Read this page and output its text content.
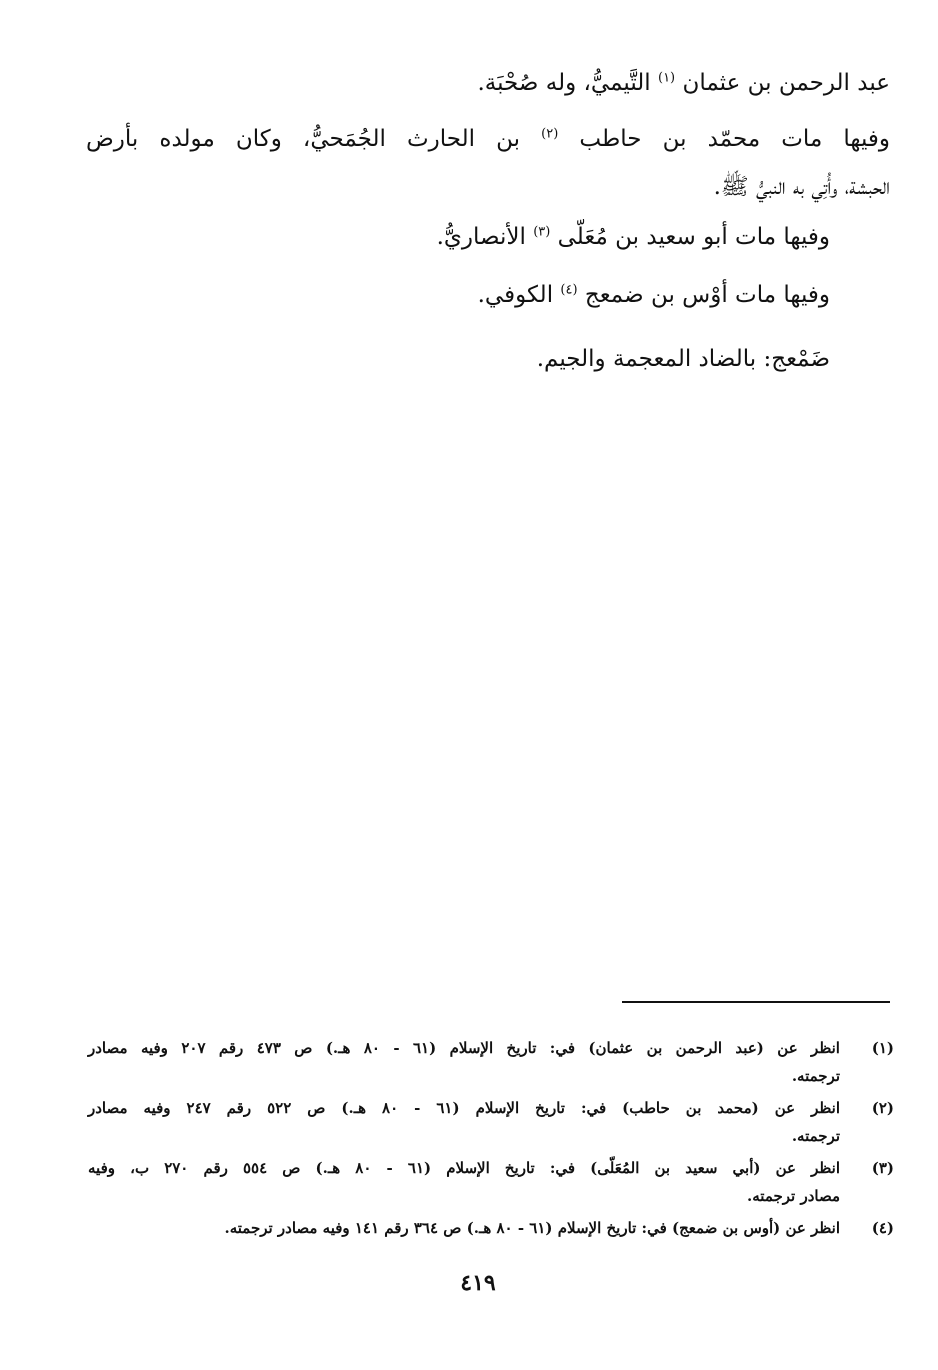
عبد الرحمن بن عثمان $^{(١)}$ التَّيميُّ، وله صُحْبَة.
وفيها مات محمّد بن حاطب $^{(٢)}$ بن الحارث الجُمَحيُّ، وكان مولده بأرض
الحبشة، وأُتِي به النبيُّ ﷺ.
وفيها مات أبو سعيد بن مُعَلّى $^{(٣)}$ الأنصاريُّ.
وفيها مات أوْس بن ضمعج $^{(٤)}$ الكوفي.
ضَمْعج: بالضاد المعجمة والجيم.
(١)
انظر عن (عبد الرحمن بن عثمان) في: تاريخ الإسلام (٦١ - ٨٠ هـ.) ص ٤٧٣ رقم ٢٠٧ وفيه مصادر
ترجمته.
(٢)
انظر عن (محمد بن حاطب) في: تاريخ الإسلام (٦١ - ٨٠ هـ.) ص ٥٢٢ رقم ٢٤٧ وفيه مصادر
ترجمته.
(٣)
انظر عن (أبي سعيد بن المُعَلّى) في: تاريخ الإسلام (٦١ - ٨٠ هـ.) ص ٥٥٤ رقم ٢٧٠ ب، وفيه
مصادر ترجمته.
(٤)
انظر عن (أوس بن ضمعج) في: تاريخ الإسلام (٦١ - ٨٠ هـ.) ص ٣٦٤ رقم ١٤١ وفيه مصادر ترجمته.
٤١٩
